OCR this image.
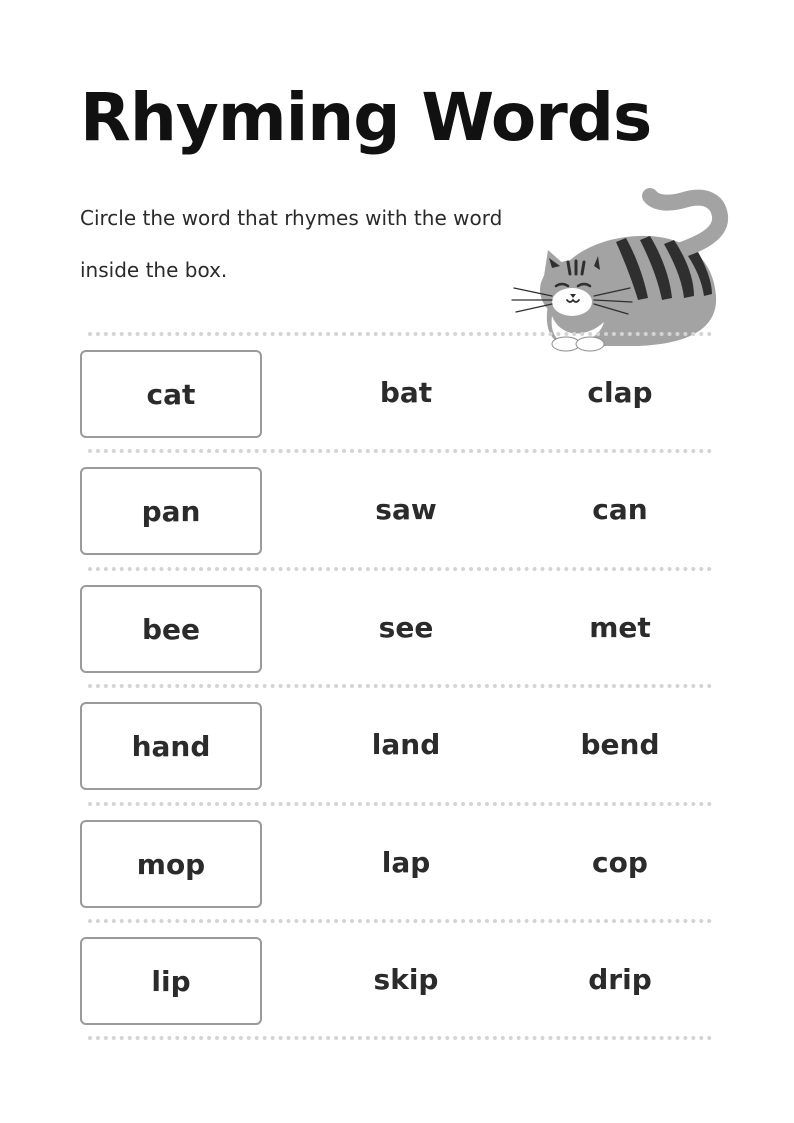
Rhyming Words

Circle the word that rhymes with the word inside the box.

cat	bat	clap
pan	saw	can
bee	see	met
hand	land	bend
mop	lap	cop
lip	skip	drip
